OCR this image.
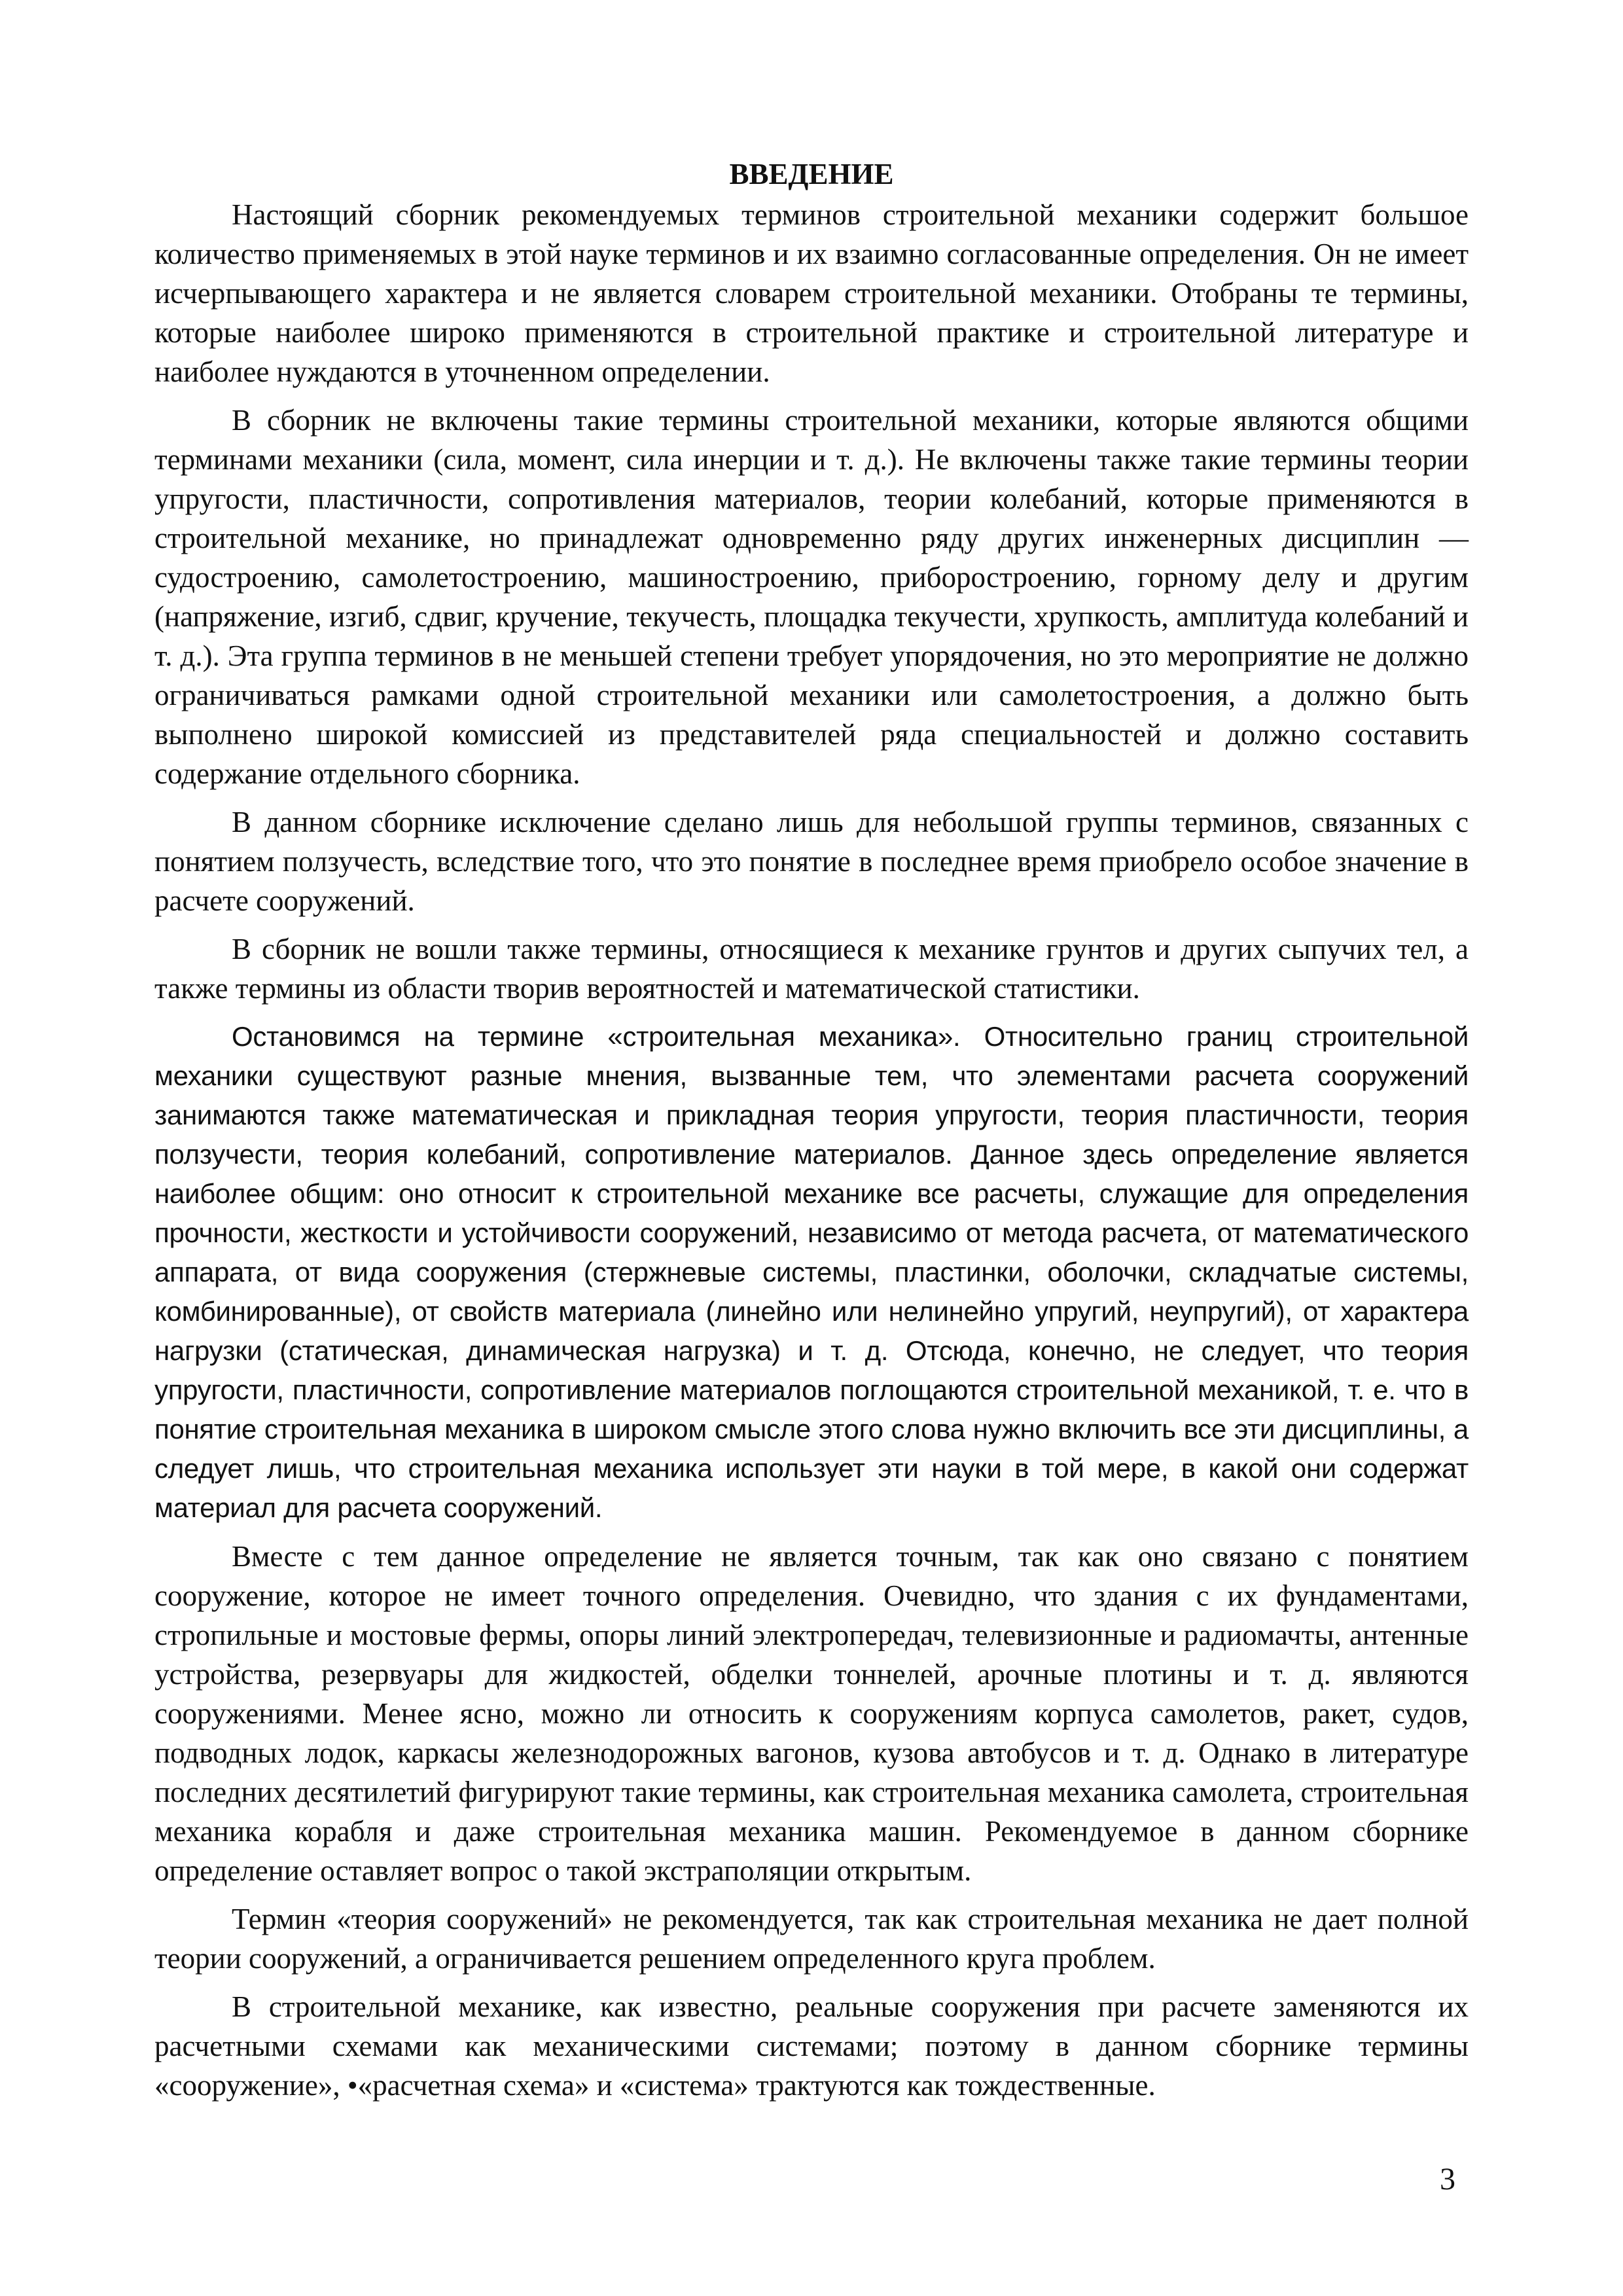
ВВЕДЕНИЕ

Настоящий сборник рекомендуемых терминов строительной механики содержит большое количество применяемых в этой науке терминов и их взаимно согласованные определения. Он не имеет исчерпывающего характера и не является словарем строительной механики. Отобраны те термины, которые наиболее широко применяются в строительной практике и строительной литературе и наиболее нуждаются в уточненном определении.

В сборник не включены такие термины строительной механики, которые являются общими терминами механики (сила, момент, сила инерции и т. д.). Не включены также такие термины теории упругости, пластичности, сопротивления материалов, теории колебаний, которые применяются в строительной механике, но принадлежат одновременно ряду других инженерных дисциплин — судостроению, самолетостроению, машиностроению, приборостроению, горному делу и другим (напряжение, изгиб, сдвиг, кручение, текучесть, площадка текучести, хрупкость, амплитуда колебаний и т. д.). Эта группа терминов в не меньшей степени требует упорядочения, но это мероприятие не должно ограничиваться рамками одной строительной механики или самолетостроения, а должно быть выполнено широкой комиссией из представителей ряда специальностей и должно составить содержание отдельного сборника.

В данном сборнике исключение сделано лишь для небольшой группы терминов, связанных с понятием ползучесть, вследствие того, что это понятие в последнее время приобрело особое значение в расчете сооружений.

В сборник не вошли также термины, относящиеся к механике грунтов и других сыпучих тел, а также термины из области творив вероятностей и математической статистики.

Остановимся на термине «строительная механика». Относительно границ строительной механики существуют разные мнения, вызванные тем, что элементами расчета сооружений занимаются также математическая и прикладная теория упругости, теория пластичности, теория ползучести, теория колебаний, сопротивление материалов. Данное здесь определение является наиболее общим: оно относит к строительной механике все расчеты, служащие для определения прочности, жесткости и устойчивости сооружений, независимо от метода расчета, от математического аппарата, от вида сооружения (стержневые системы, пластинки, оболочки, складчатые системы, комбинированные), от свойств материала (линейно или нелинейно упругий, неупругий), от характера нагрузки (статическая, динамическая нагрузка) и т. д. Отсюда, конечно, не следует, что теория упругости, пластичности, сопротивление материалов поглощаются строительной механикой, т. е. что в понятие строительная механика в широком смысле этого слова нужно включить все эти дисциплины, а следует лишь, что строительная механика использует эти науки в той мере, в какой они содержат материал для расчета сооружений.

Вместе с тем данное определение не является точным, так как оно связано с понятием сооружение, которое не имеет точного определения. Очевидно, что здания с их фундаментами, стропильные и мостовые фермы, опоры линий электропередач, телевизионные и радиомачты, антенные устройства, резервуары для жидкостей, обделки тоннелей, арочные плотины и т. д. являются сооружениями. Менее ясно, можно ли относить к сооружениям корпуса самолетов, ракет, судов, подводных лодок, каркасы железнодорожных вагонов, кузова автобусов и т. д. Однако в литературе последних десятилетий фигурируют такие термины, как строительная механика самолета, строительная механика корабля и даже строительная механика машин. Рекомендуемое в данном сборнике определение оставляет вопрос о такой экстраполяции открытым.

Термин «теория сооружений» не рекомендуется, так как строительная механика не дает полной теории сооружений, а ограничивается решением определенного круга проблем.

В строительной механике, как известно, реальные сооружения при расчете заменяются их расчетными схемами как механическими системами; поэтому в данном сборнике термины «сооружение», •«расчетная схема» и «система» трактуются как тождественные.

3
